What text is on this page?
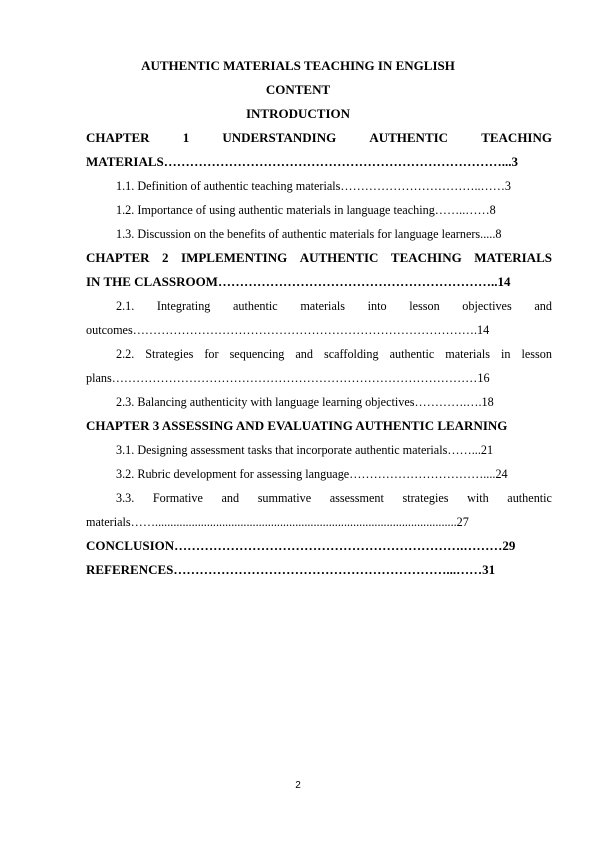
AUTHENTIC MATERIALS TEACHING IN ENGLISH
CONTENT
INTRODUCTION
CHAPTER	1	UNDERSTANDING	AUTHENTIC	TEACHING
MATERIALS……………………………………………………………………...3
1.1. Definition of authentic teaching materials……………………………..……3
1.2. Importance of using authentic materials in language teaching……..……8
1.3. Discussion on the benefits of authentic materials for language learners.....8
CHAPTER 2 IMPLEMENTING AUTHENTIC TEACHING MATERIALS
IN THE CLASSROOM………………………………………………………..14
2.1. Integrating authentic materials into lesson objectives and
outcomes………………………………………………………………………….14
2.2. Strategies for sequencing and scaffolding authentic materials in lesson
plans………………………………………………………………………………16
2.3. Balancing authenticity with language learning objectives………….….18
CHAPTER 3 ASSESSING AND EVALUATING AUTHENTIC LEARNING
3.1. Designing assessment tasks that incorporate authentic materials……...21
3.2. Rubric development for assessing language……………………………....24
3.3. Formative and summative assessment strategies with authentic
materials……...................................................................................................27
CONCLUSION………………………………………………………….………29
REFERENCES………………………………………………………...……31
2
